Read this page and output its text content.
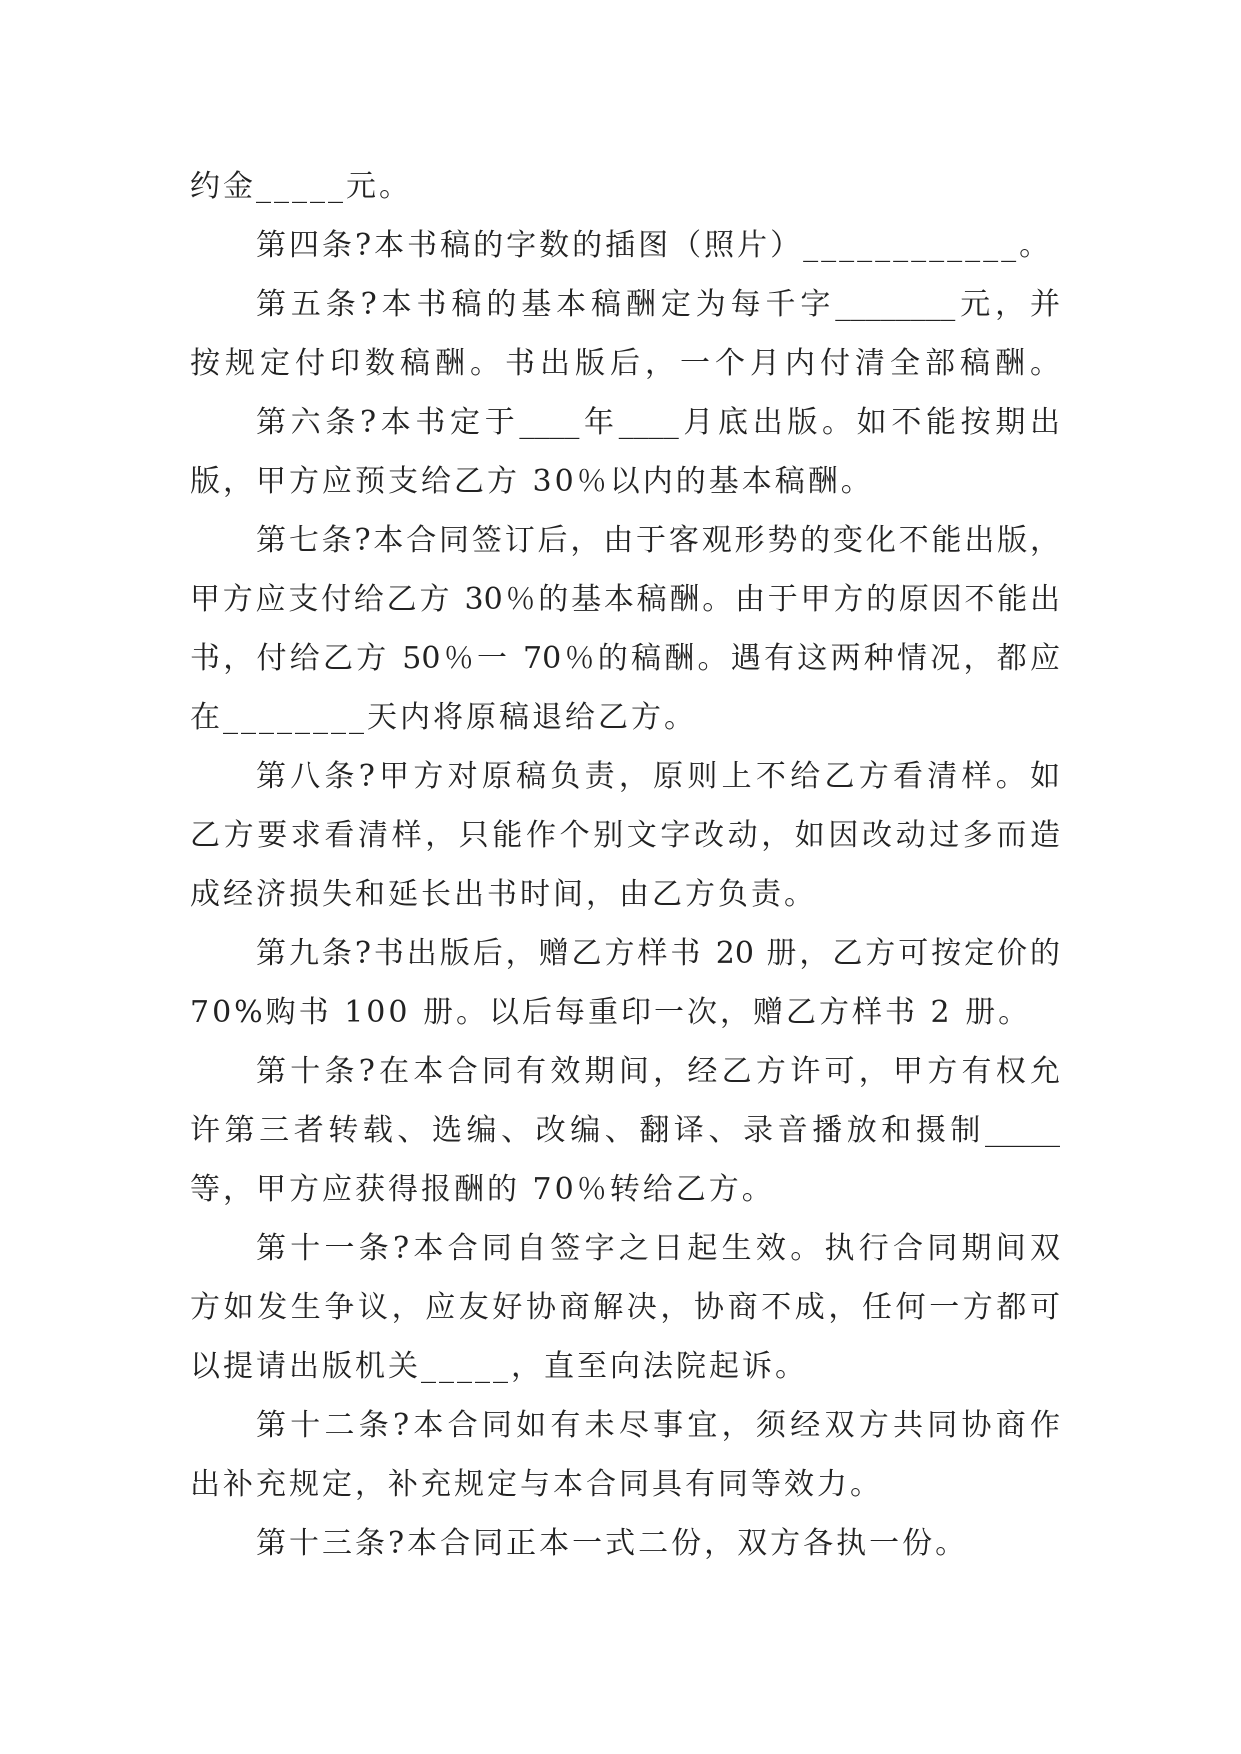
约金_____元。
第四条?本书稿的字数的插图（照片）____________。
第五条?本书稿的基本稿酬定为每千字________元，并
按规定付印数稿酬。书出版后，一个月内付清全部稿酬。
第六条?本书定于____年____月底出版。如不能按期出
版，甲方应预支给乙方 30％以内的基本稿酬。
第七条?本合同签订后，由于客观形势的变化不能出版，
甲方应支付给乙方 30％的基本稿酬。由于甲方的原因不能出
书，付给乙方 50％一 70％的稿酬。遇有这两种情况，都应
在________天内将原稿退给乙方。
第八条?甲方对原稿负责，原则上不给乙方看清样。如
乙方要求看清样，只能作个别文字改动，如因改动过多而造
成经济损失和延长出书时间，由乙方负责。
第九条?书出版后，赠乙方样书 20 册，乙方可按定价的
70%购书 100 册。以后每重印一次，赠乙方样书 2 册。
第十条?在本合同有效期间，经乙方许可，甲方有权允
许第三者转载、选编、改编、翻译、录音播放和摄制_____
等，甲方应获得报酬的 70％转给乙方。
第十一条?本合同自签字之日起生效。执行合同期间双
方如发生争议，应友好协商解决，协商不成，任何一方都可
以提请出版机关_____，直至向法院起诉。
第十二条?本合同如有未尽事宜，须经双方共同协商作
出补充规定，补充规定与本合同具有同等效力。
第十三条?本合同正本一式二份，双方各执一份。
